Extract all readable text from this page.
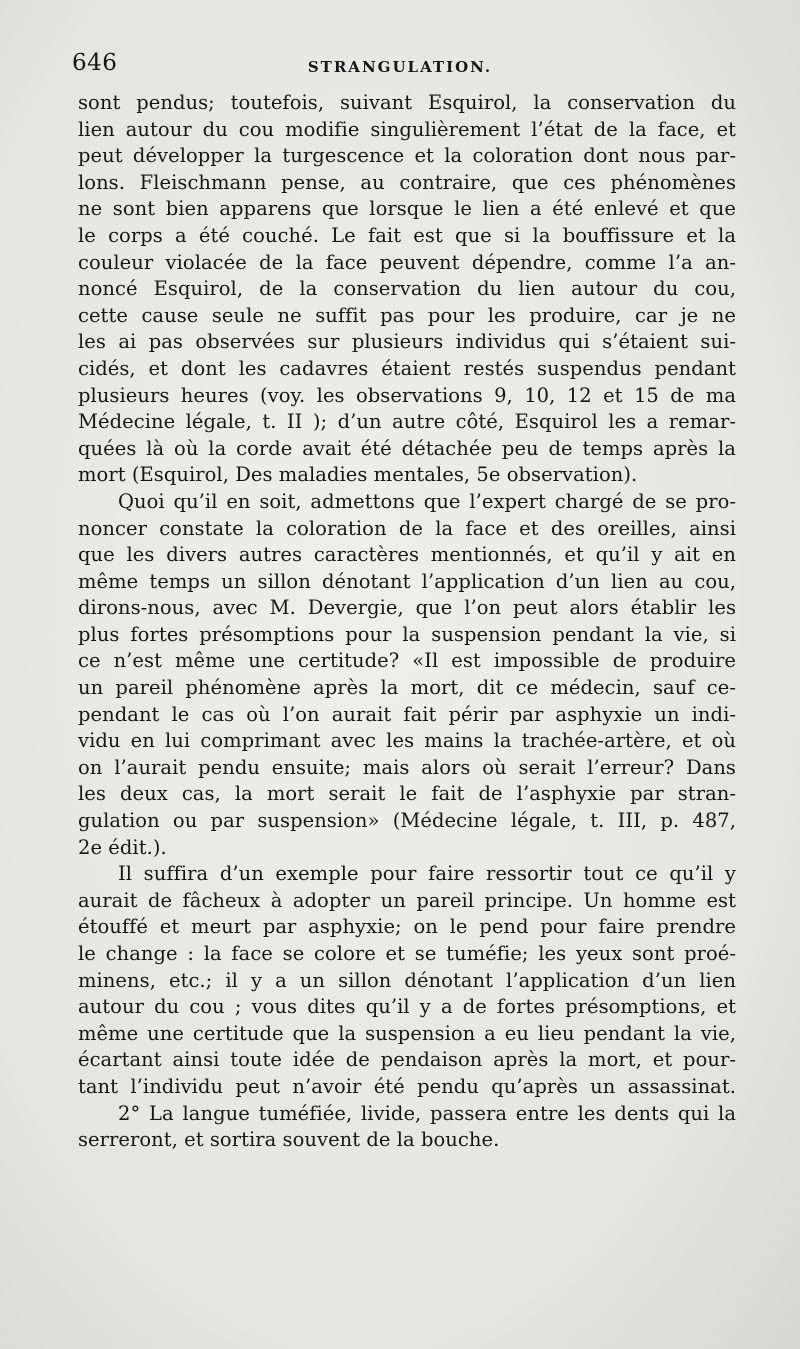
646	STRANGULATION.
sont pendus; toutefois, suivant Esquirol, la conservation du
lien autour du cou modifie singulièrement l’état de la face, et
peut développer la turgescence et la coloration dont nous par-
lons. Fleischmann pense, au contraire, que ces phénomènes
ne sont bien apparens que lorsque le lien a été enlevé et que
le corps a été couché. Le fait est que si la bouffissure et la
couleur violacée de la face peuvent dépendre, comme l’a an-
noncé Esquirol, de la conservation du lien autour du cou,
cette cause seule ne suffit pas pour les produire, car je ne
les ai pas observées sur plusieurs individus qui s’étaient sui-
cidés, et dont les cadavres étaient restés suspendus pendant
plusieurs heures (voy. les observations 9, 10, 12 et 15 de ma
Médecine légale, t. II ); d’un autre côté, Esquirol les a remar-
quées là où la corde avait été détachée peu de temps après la
mort (Esquirol, Des maladies mentales, 5e observation).
Quoi qu’il en soit, admettons que l’expert chargé de se pro-
noncer constate la coloration de la face et des oreilles, ainsi
que les divers autres caractères mentionnés, et qu’il y ait en
même temps un sillon dénotant l’application d’un lien au cou,
dirons-nous, avec M. Devergie, que l’on peut alors établir les
plus fortes présomptions pour la suspension pendant la vie, si
ce n’est même une certitude? «Il est impossible de produire
un pareil phénomène après la mort, dit ce médecin, sauf ce-
pendant le cas où l’on aurait fait périr par asphyxie un indi-
vidu en lui comprimant avec les mains la trachée-artère, et où
on l’aurait pendu ensuite; mais alors où serait l’erreur? Dans
les deux cas, la mort serait le fait de l’asphyxie par stran-
gulation ou par suspension» (Médecine légale, t. III, p. 487,
2e édit.).
Il suffira d’un exemple pour faire ressortir tout ce qu’il y
aurait de fâcheux à adopter un pareil principe. Un homme est
étouffé et meurt par asphyxie; on le pend pour faire prendre
le change : la face se colore et se tuméfie; les yeux sont proé-
minens, etc.; il y a un sillon dénotant l’application d’un lien
autour du cou ; vous dites qu’il y a de fortes présomptions, et
même une certitude que la suspension a eu lieu pendant la vie,
écartant ainsi toute idée de pendaison après la mort, et pour-
tant l’individu peut n’avoir été pendu qu’après un assassinat.
2° La langue tuméfiée, livide, passera entre les dents qui la
serreront, et sortira souvent de la bouche.
